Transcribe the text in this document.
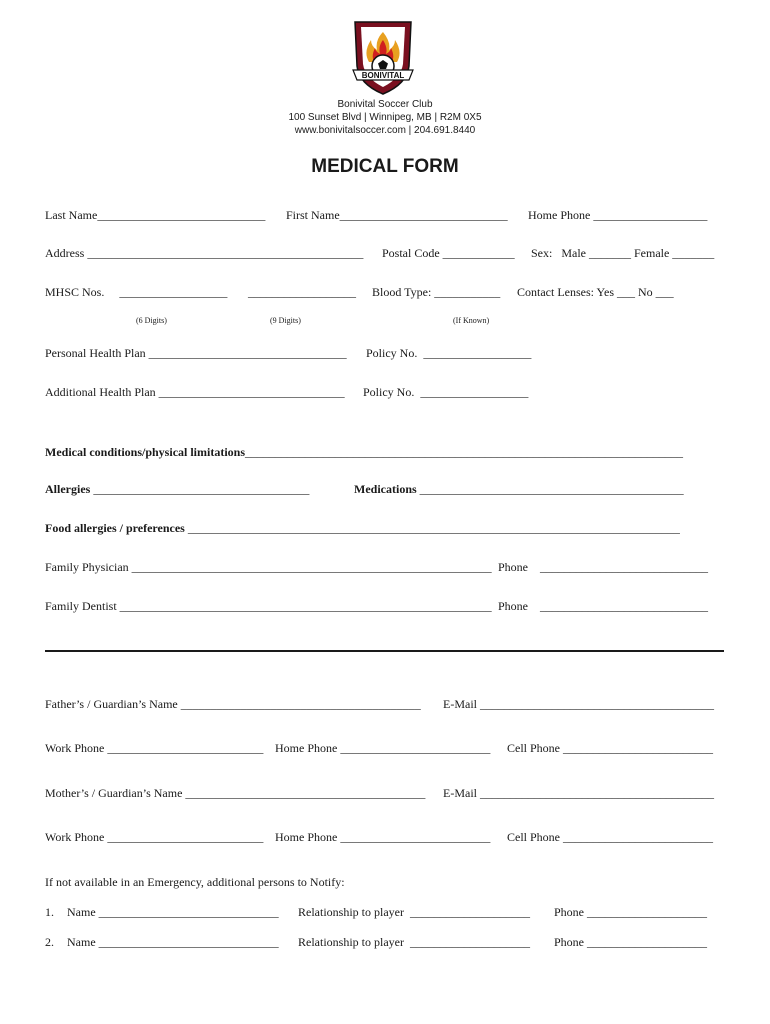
BONIVITAL
Bonivital Soccer Club
100 Sunset Blvd | Winnipeg, MB | R2M 0X5
www.bonivitalsoccer.com | 204.691.8440
MEDICAL FORM
Last Name____________________________ First Name____________________________ Home Phone ___________________
Address ______________________________________________ Postal Code ____________ Sex:   Male _______ Female _______
MHSC Nos.     __________________ __________________ Blood Type: ___________ Contact Lenses: Yes ___ No ___
(6 Digits)	(9 Digits)	(If Known)
Personal Health Plan _________________________________ Policy No.  __________________
Additional Health Plan _______________________________ Policy No.  __________________
Medical conditions/physical limitations_________________________________________________________________________
Allergies ____________________________________	Medications ____________________________________________
Food allergies / preferences __________________________________________________________________________________
Family Physician ____________________________________________________________ Phone    ____________________________
Family Dentist ______________________________________________________________ Phone    ____________________________
Father’s / Guardian’s Name ________________________________________ E-Mail _______________________________________
Work Phone __________________________ Home Phone _________________________ Cell Phone _________________________
Mother’s / Guardian’s Name ________________________________________ E-Mail _______________________________________
Work Phone __________________________ Home Phone _________________________ Cell Phone _________________________
If not available in an Emergency, additional persons to Notify:
1. Name ______________________________ Relationship to player  ____________________ Phone ____________________
2. Name ______________________________ Relationship to player  ____________________ Phone ____________________
